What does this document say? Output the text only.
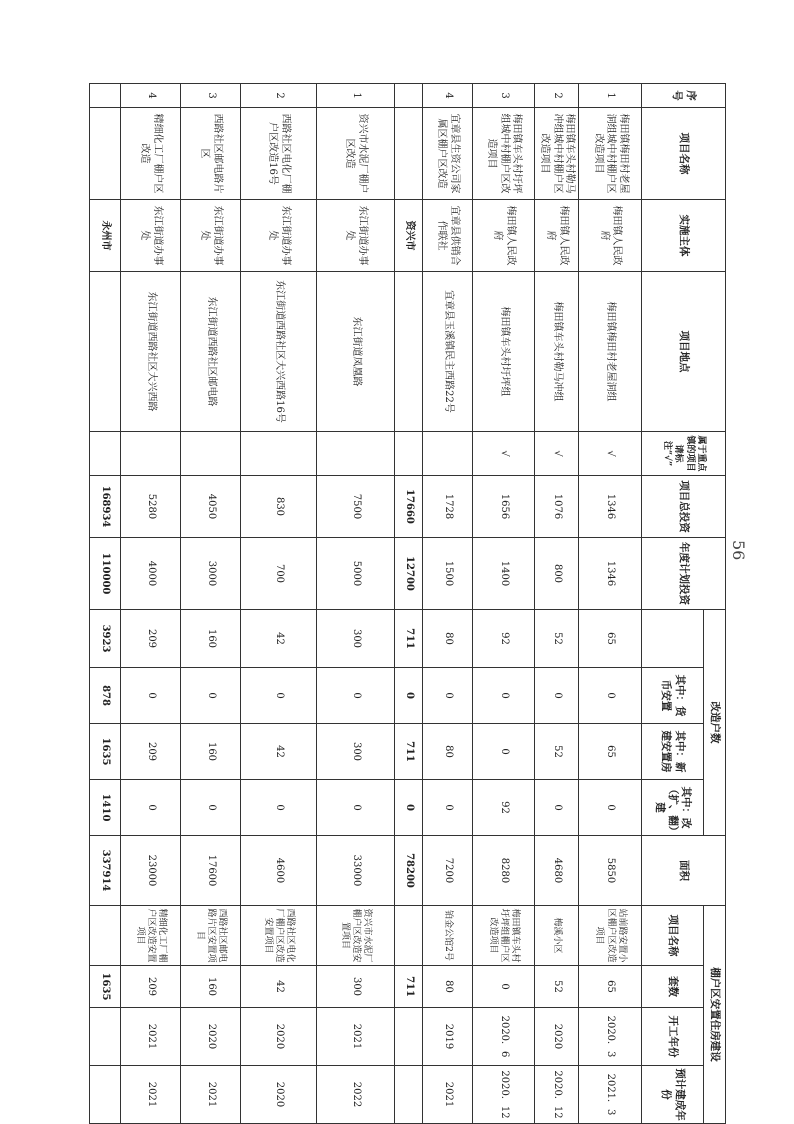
序号	项目名称	实施主体	项目地点	属于重点镇的项目请标注“√”	项目总投资	年度计划投资	改造户数				面积	棚户区安置住房建设			
								其中：货币安置	其中：新建安置房	其中：改（扩、翻）建		项目名称	套数	开工年份	预计建成年份
1	梅田镇梅田村老屋洞组城中村棚户区改造项目	梅田镇人民政府	梅田镇梅田村老屋洞组	√	1346	1346	65	0	65	0	5850	站前路安置小区棚户区改造项目	65	2020．3	2021．3
2	梅田镇车头村勒马冲组城中村棚户区改造项目	梅田镇人民政府	梅田镇车头村勒马冲组	√	1076	800	52	0	52	0	4680	梅溪小区	52	2020	2020．12
3	梅田镇车头村圩坪组城中村棚户区改造项目	梅田镇人民政府	梅田镇车头村圩坪组	√	1656	1400	92	0	0	92	8280	梅田镇车头村圩坪组棚户区改造项目	0	2020．6	2020．12
4	宜章县生资公司家属区棚户区改造	宜章县供销合作联社	宜章县玉溪镇民主西路22号		1728	1500	80	0	80	0	7200	铂金公馆2号	80	2019	2021
		资兴市			17660	12700	711	0	711	0	78200		711		
1	资兴市水泥厂棚户区改造	东江街道办事处	东江街道凤凰路		7500	5000	300	0	300	0	33000	资兴市水泥厂棚户区改造安置项目	300	2021	2022
2	西路社区电化厂棚户区改造16号	东江街道办事处	东江街道西路社区大兴西路16号		830	700	42	0	42	0	4600	西路社区电化厂棚户区改造安置项目	42	2020	2020
3	西路社区邮电路片区	东江街道办事处	东江街道西路社区邮电路		4050	3000	160	0	160	0	17600	西路社区邮电路片区安置项目	160	2020	2021
4	精细化工厂棚户区改造	东江街道办事处	东江街道西路社区大兴西路		5280	4000	209	0	209	0	23000	精细化工厂棚户区改造安置项目	209	2021	2021
		永州市			168934	110000	3923	878	1635	1410	337914		1635		
56
